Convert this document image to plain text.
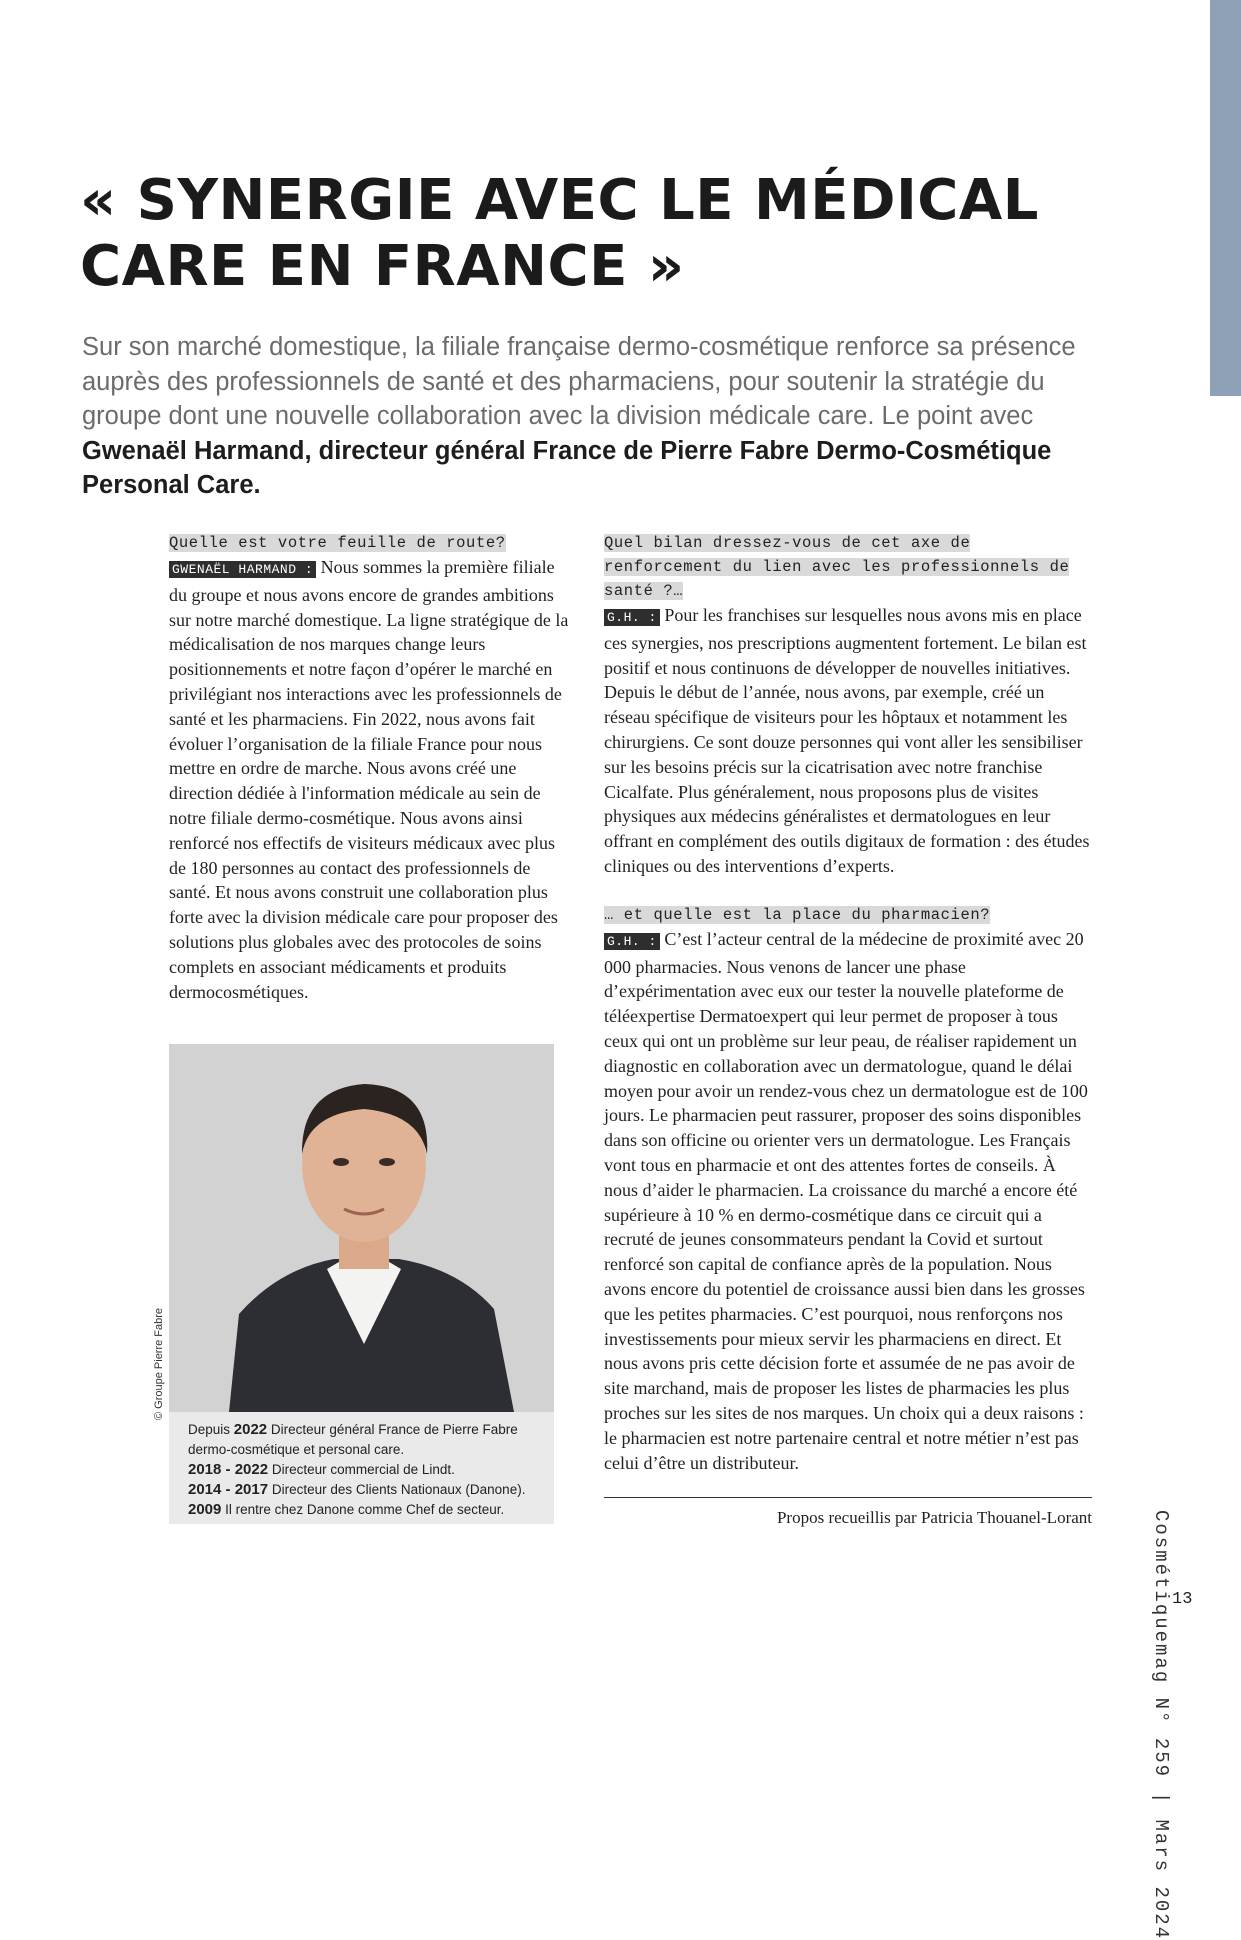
« SYNERGIE AVEC LE MÉDICAL CARE EN FRANCE »

Sur son marché domestique, la filiale française dermo-cosmétique renforce sa présence auprès des professionnels de santé et des pharmaciens, pour soutenir la stratégie du groupe dont une nouvelle collaboration avec la division médicale care. Le point avec Gwenaël Harmand, directeur général France de Pierre Fabre Dermo-Cosmétique Personal Care.

Quelle est votre feuille de route?

GWENAËL HARMAND : Nous sommes la première filiale du groupe et nous avons encore de grandes ambitions sur notre marché domestique. La ligne stratégique de la médicalisation de nos marques change leurs positionnements et notre façon d’opérer le marché en privilégiant nos interactions avec les professionnels de santé et les pharmaciens. Fin 2022, nous avons fait évoluer l’organisation de la filiale France pour nous mettre en ordre de marche. Nous avons créé une direction dédiée à l'information médicale au sein de notre filiale dermo-cosmétique. Nous avons ainsi renforcé nos effectifs de visiteurs médicaux avec plus de 180 personnes au contact des professionnels de santé. Et nous avons construit une collaboration plus forte avec la division médicale care pour proposer des solutions plus globales avec des protocoles de soins complets en associant médicaments et produits dermocosmétiques.

© Groupe Pierre Fabre

Depuis 2022 Directeur général France de Pierre Fabre dermo-cosmétique et personal care.

2018 - 2022 Directeur commercial de Lindt.

2014 - 2017 Directeur des Clients Nationaux (Danone).

2009 Il rentre chez Danone comme Chef de secteur.

Quel bilan dressez-vous de cet axe de renforcement du lien avec les professionnels de santé ?…

G.H. : Pour les franchises sur lesquelles nous avons mis en place ces synergies, nos prescriptions augmentent fortement. Le bilan est positif et nous continuons de développer de nouvelles initiatives. Depuis le début de l’année, nous avons, par exemple, créé un réseau spécifique de visiteurs pour les hôptaux et notamment les chirurgiens. Ce sont douze personnes qui vont aller les sensibiliser sur les besoins précis sur la cicatrisation avec notre franchise Cicalfate. Plus généralement, nous proposons plus de visites physiques aux médecins généralistes et dermatologues en leur offrant en complément des outils digitaux de formation : des études cliniques ou des interventions d’experts.

… et quelle est la place du pharmacien?

G.H. : C’est l’acteur central de la médecine de proximité avec 20 000 pharmacies. Nous venons de lancer une phase d’expérimentation avec eux our tester la nouvelle plateforme de téléexpertise Dermatoexpert qui leur permet de proposer à tous ceux qui ont un problème sur leur peau, de réaliser rapidement un diagnostic en collaboration avec un dermatologue, quand le délai moyen pour avoir un rendez-vous chez un dermatologue est de 100 jours. Le pharmacien peut rassurer, proposer des soins disponibles dans son officine ou orienter vers un dermatologue. Les Français vont tous en pharmacie et ont des attentes fortes de conseils. À nous d’aider le pharmacien. La croissance du marché a encore été supérieure à 10 % en dermo-cosmétique dans ce circuit qui a recruté de jeunes consommateurs pendant la Covid et surtout renforcé son capital de confiance après de la population. Nous avons encore du potentiel de croissance aussi bien dans les grosses que les petites pharmacies. C’est pourquoi, nous renforçons nos investissements pour mieux servir les pharmaciens en direct. Et nous avons pris cette décision forte et assumée de ne pas avoir de site marchand, mais de proposer les listes de pharmacies les plus proches sur les sites de nos marques. Un choix qui a deux raisons : le pharmacien est notre partenaire central et notre métier n’est pas celui d’être un distributeur.

Propos recueillis par Patricia Thouanel-Lorant	Cosmétiquemag N° 259|Mars 2024
13
